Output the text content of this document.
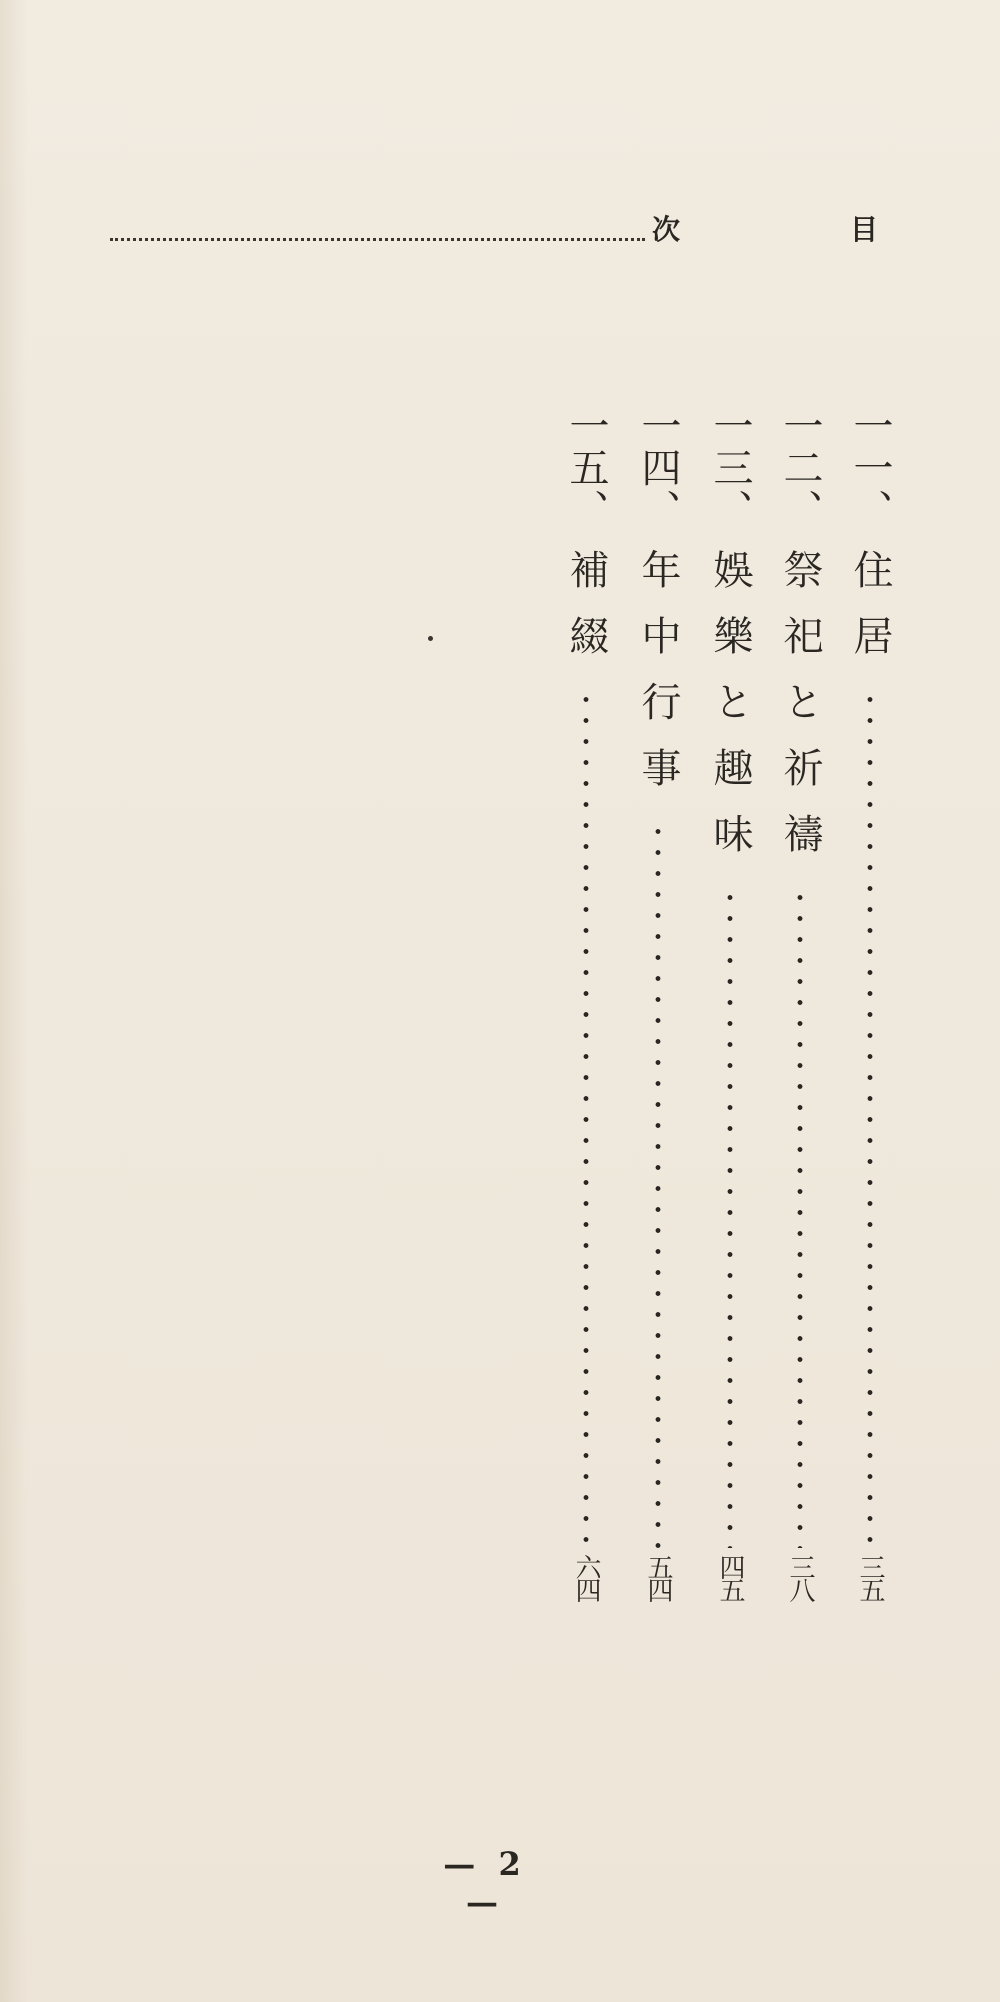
次	目
一一、
住居
三五
一二、
祭祀と祈禱
三八
一三、
娛樂と趣味
四五
一四、
年中行事
五四
一五、
補綴
六四
— 2 —
